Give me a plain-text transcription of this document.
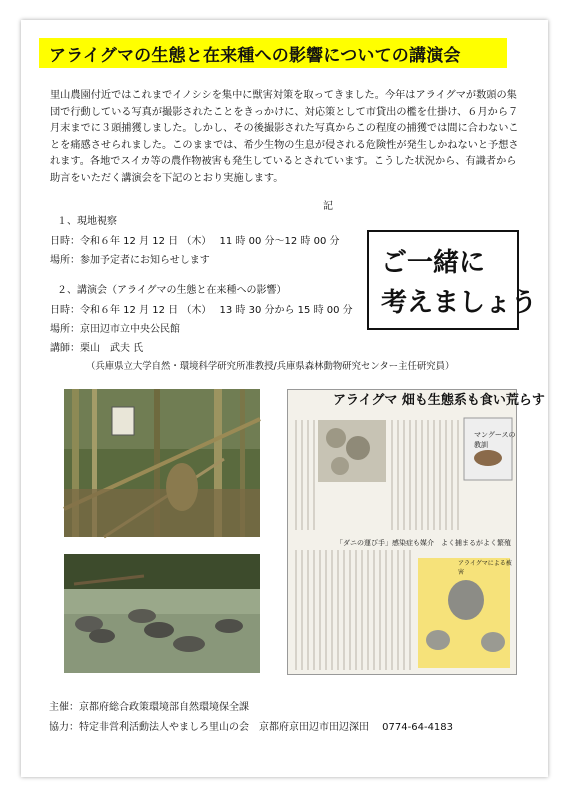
アライグマの生態と在来種への影響についての講演会
里山農園付近ではこれまでイノシシを集中に獣害対策を取ってきました。今年はアライグマが数頭の集団で行動している写真が撮影されたことをきっかけに、対応策として市貸出の檻を仕掛け、６月から７月末までに３頭捕獲しました。しかし、その後撮影された写真からこの程度の捕獲では間に合わないことを痛感させられました。このままでは、希少生物の生息が侵される危険性が発生しかねないと予想されます。各地でスイカ等の農作物被害も発生しているとされています。こうした状況から、有識者から助言をいただく講演会を下記のとおり実施します。
記
１、現地視察
日時：令和６年 12 月 12 日 （木）　 11 時 00 分〜12 時 00 分
場所：参加予定者にお知らせします
２、講演会（アライグマの生態と在来種への影響）
日時：令和６年 12 月 12 日 （木）　 13 時 30 分から 15 時 00 分
場所：京田辺市立中央公民館
講師：栗山　武夫 氏
（兵庫県立大学自然・環境科学研究所准教授/兵庫県森林動物研究センター主任研究員）
ご一緒に
考えましょう
アライグマ 畑も生態系も食い荒らす
マングースの教訓
「ダニの運び手」感染症も媒介　よく捕まるがよく繁殖
アライグマによる被害
主催：京都府総合政策環境部自然環境保全課
協力：特定非営利活動法人やましろ里山の会　京都府京田辺市田辺深田　 0774-64-4183
